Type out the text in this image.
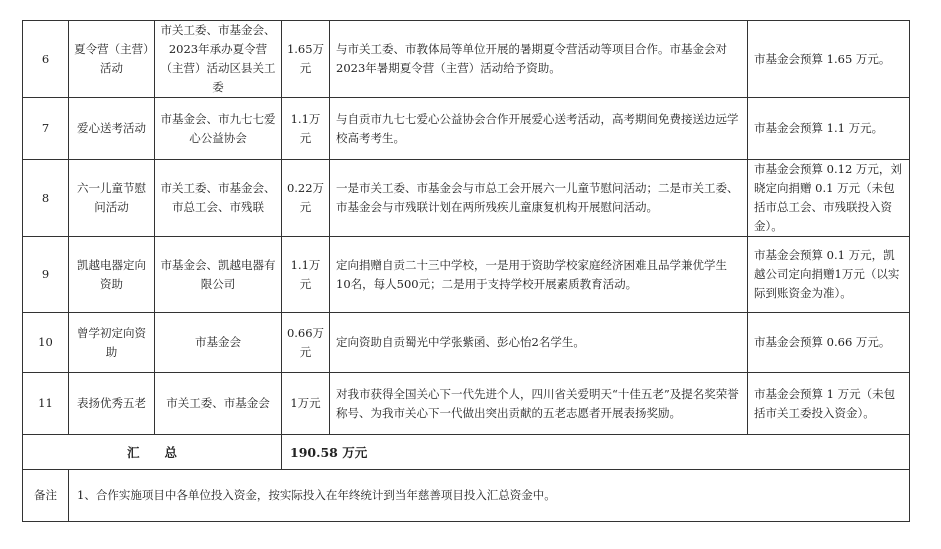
6	夏令营（主营）活动	市关工委、市基金会、2023年承办夏令营（主营）活动区县关工委	1.65万元	与市关工委、市教体局等单位开展的暑期夏令营活动等项目合作。市基金会对2023年暑期夏令营（主营）活动给予资助。	市基金会预算 1.65 万元。
7	爱心送考活动	市基金会、市九七七爱心公益协会	1.1万元	与自贡市九七七爱心公益协会合作开展爱心送考活动，高考期间免费接送边远学校高考考生。	市基金会预算 1.1 万元。
8	六一儿童节慰问活动	市关工委、市基金会、市总工会、市残联	0.22万元	一是市关工委、市基金会与市总工会开展六一儿童节慰问活动；二是市关工委、市基金会与市残联计划在两所残疾儿童康复机构开展慰问活动。	市基金会预算 0.12 万元，刘晓定向捐赠 0.1 万元（未包括市总工会、市残联投入资金）。
9	凯越电器定向资助	市基金会、凯越电器有限公司	1.1万元	定向捐赠自贡二十三中学校，一是用于资助学校家庭经济困难且品学兼优学生10名，每人500元；二是用于支持学校开展素质教育活动。	市基金会预算 0.1 万元，凯越公司定向捐赠1万元（以实际到账资金为准）。
10	曾学初定向资助	市基金会	0.66万元	定向资助自贡蜀光中学张紫函、彭心怡2名学生。	市基金会预算 0.66 万元。
11	表扬优秀五老	市关工委、市基金会	1万元	对我市获得全国关心下一代先进个人，四川省关爱明天“十佳五老”及提名奖荣誉称号、为我市关心下一代做出突出贡献的五老志愿者开展表扬奖励。	市基金会预算 1 万元（未包括市关工委投入资金）。
汇　　总			190.58 万元		
备注	1、合作实施项目中各单位投入资金，按实际投入在年终统计到当年慈善项目投入汇总资金中。				
